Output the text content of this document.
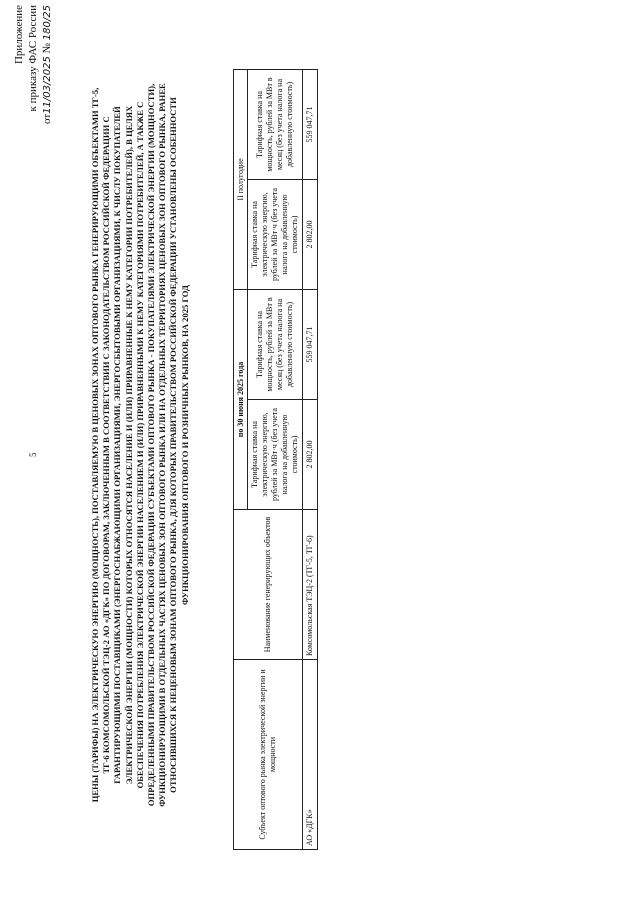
5
Приложение к приказу ФАС России
от11/03/2025 № 180/25
ЦЕНЫ (ТАРИФЫ) НА ЭЛЕКТРИЧЕСКУЮ ЭНЕРГИЮ (МОЩНОСТЬ), ПОСТАВЛЯЕМУЮ В ЦЕНОВЫХ ЗОНАХ ОПТОВОГО РЫНКА ГЕНЕРИРУЮЩИМИ ОБЪЕКТАМИ ТГ-5, ТГ-6 КОМСОМОЛЬСКОЙ ТЭЦ-2 АО «ДГК» ПО ДОГОВОРАМ, ЗАКЛЮЧЕННЫМ В СООТВЕТСТВИИ С ЗАКОНОДАТЕЛЬСТВОМ РОССИЙСКОЙ ФЕДЕРАЦИИ С ГАРАНТИРУЮЩИМИ ПОСТАВЩИКАМИ (ЭНЕРГОСНАБЖАЮЩИМИ ОРГАНИЗАЦИЯМИ, ЭНЕРГОСБЫТОВЫМИ ОРГАНИЗАЦИЯМИ, К ЧИСЛУ ПОКУПАТЕЛЕЙ ЭЛЕКТРИЧЕСКОЙ ЭНЕРГИИ (МОЩНОСТИ) КОТОРЫХ ОТНОСЯТСЯ НАСЕЛЕНИЕ И (ИЛИ) ПРИРАВНЕННЫЕ К НЕМУ КАТЕГОРИИ ПОТРЕБИТЕЛЕЙ), В ЦЕЛЯХ ОБЕСПЕЧЕНИЯ ПОТРЕБЛЕНИЯ ЭЛЕКТРИЧЕСКОЙ ЭНЕРГИИ НАСЕЛЕНИЕМ И (ИЛИ) ПРИРАВНЕННЫМИ К НЕМУ КАТЕГОРИЯМИ ПОТРЕБИТЕЛЕЙ, А ТАКЖЕ С ОПРЕДЕЛЕННЫМИ ПРАВИТЕЛЬСТВОМ РОССИЙСКОЙ ФЕДЕРАЦИИ СУБЪЕКТАМИ ОПТОВОГО РЫНКА - ПОКУПАТЕЛЯМИ ЭЛЕКТРИЧЕСКОЙ ЭНЕРГИИ (МОЩНОСТИ), ФУНКЦИОНИРУЮЩИМИ В ОТДЕЛЬНЫХ ЧАСТЯХ ЦЕНОВЫХ ЗОН ОПТОВОГО РЫНКА ИЛИ НА ОТДЕЛЬНЫХ ТЕРРИТОРИЯХ ЦЕНОВЫХ ЗОН ОПТОВОГО РЫНКА, РАНЕЕ ОТНОСИВШИХСЯ К НЕЦЕНОВЫМ ЗОНАМ ОПТОВОГО РЫНКА, ДЛЯ КОТОРЫХ ПРАВИТЕЛЬСТВОМ РОССИЙСКОЙ ФЕДЕРАЦИИ УСТАНОВЛЕНЫ ОСОБЕННОСТИ ФУНКЦИОНИРОВАНИЯ ОПТОВОГО И РОЗНИЧНЫХ РЫНКОВ, НА 2025 ГОД
Субъект оптового рынка электрической энергии и мощности	Наименование генерирующих объектов	по 30 июня 2025 года		II полугодие	
		Тарифная ставка на электрическую энергию, рублей за МВт·ч (без учета налога на добавленную стоимость)	Тарифная ставка на мощность, рублей за МВт в месяц (без учета налога на добавленную стоимость)	Тарифная ставка на электрическую энергию, рублей за МВт·ч (без учета налога на добавленную стоимость)	Тарифная ставка на мощность, рублей за МВт в месяц (без учета налога на добавленную стоимость)
АО «ДГК»	Комсомольская ТЭЦ-2 (ТГ-5, ТГ-6)	2 802,00	559 047,71	2 802,00	559 047,71
